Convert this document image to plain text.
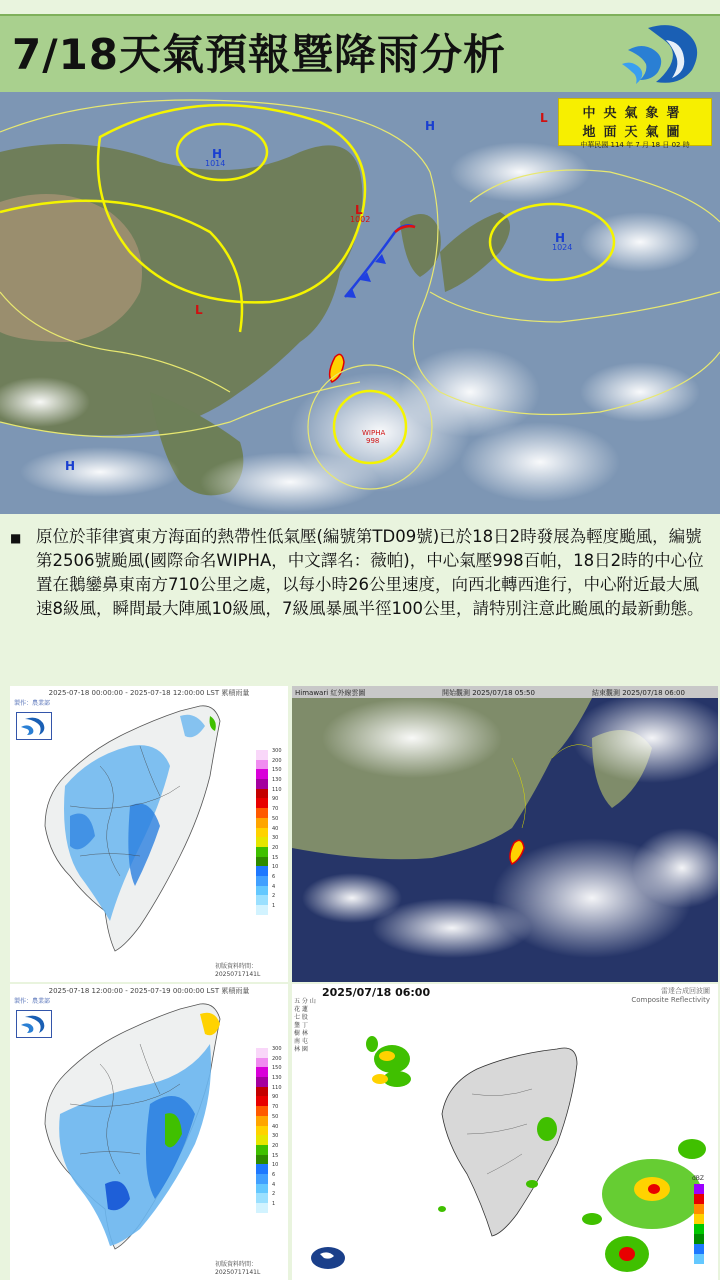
7/18天氣預報暨降雨分析
H
1014
L
1002
H
1024
H
H
L
L
WIPHA
998
中央氣象署
地面天氣圖
中華民國 114 年 7 月 18 日 02 時
■ 原位於菲律賓東方海面的熱帶性低氣壓(編號第TD09號)已於18日2時發展為輕度颱風，編號第2506號颱風(國際命名WIPHA，中文譯名：薇帕)，中心氣壓998百帕，18日2時的中心位置在鵝鑾鼻東南方710公里之處，以每小時26公里速度，向西北轉西進行，中心附近最大風速8級風，瞬間最大陣風10級風，7級風暴風半徑100公里，請特別注意此颱風的最新動態。
2025-07-18 00:00:00 - 2025-07-18 12:00:00 LST 累積雨量
製作：農業部
300
200
150
130
110
90
70
50
40
30
20
15
10
6
4
2
1
初版資料時間：
20250717141L
2025-07-18 12:00:00 - 2025-07-19 00:00:00 LST 累積雨量
製作：農業部
300
200
150
130
110
90
70
50
40
30
20
15
10
6
4
2
1
初版資料時間：
20250717141L
Himawari 紅外線雲圖	開始觀測 2025/07/18 05:50	結束觀測 2025/07/18 06:00
2025/07/18 06:00	雷達合成回波圖
Composite Reflectivity
五 分 山
花 蓮
七 股
墾 丁
樹 林
南 屯
林 園
dBZ
